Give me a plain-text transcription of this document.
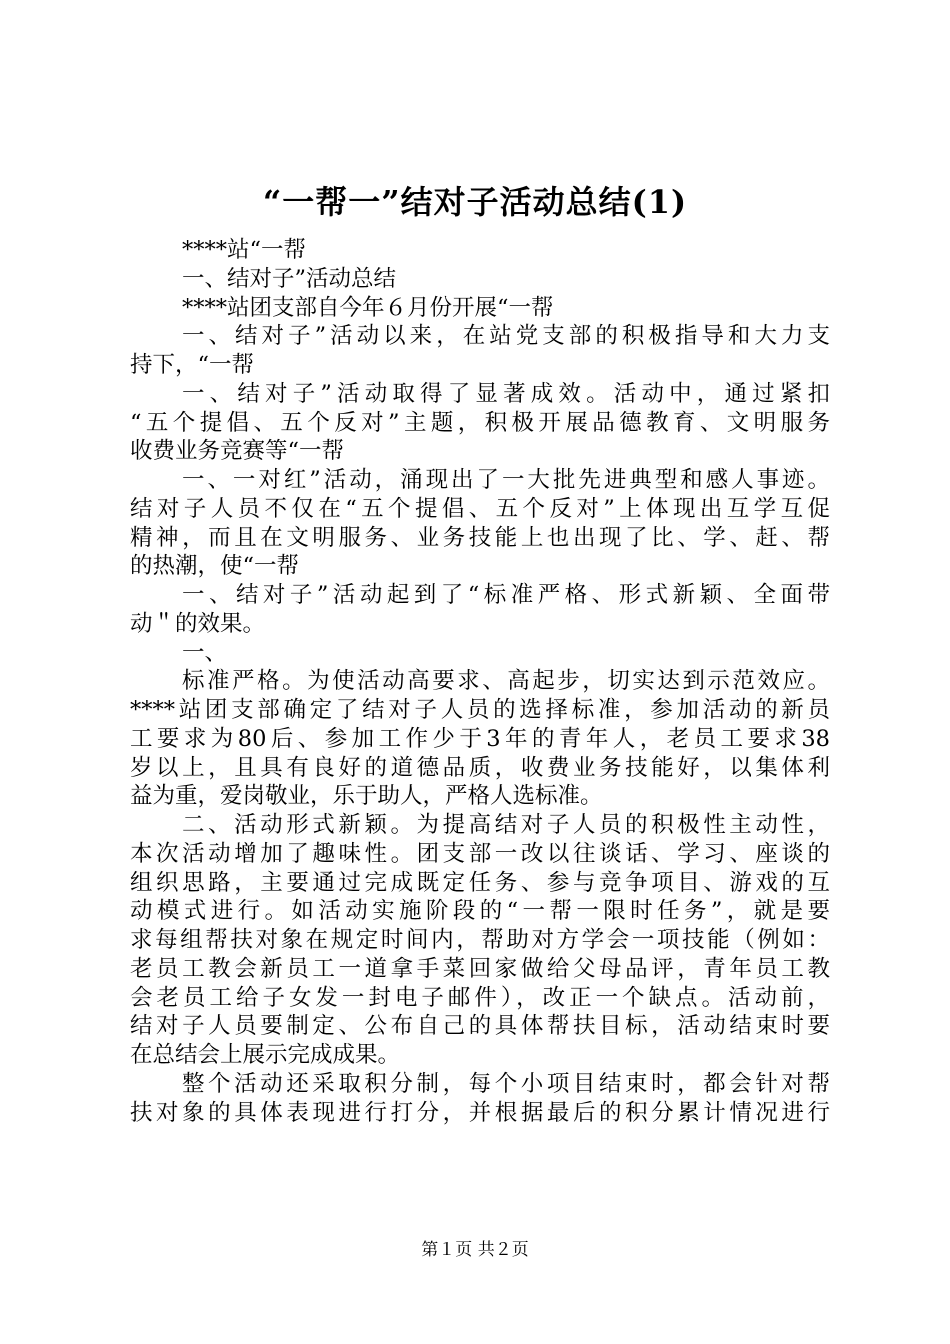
“一帮一”结对子活动总结(1)
****站“一帮
一、结对子”活动总结
****站团支部自今年６月份开展“一帮
一、结对子”活动以来，在站党支部的积极指导和大力支
持下，“一帮
一、结对子”活动取得了显著成效。活动中，通过紧扣
“五个提倡、五个反对”主题，积极开展品德教育、文明服务
收费业务竞赛等“一帮
一、一对红”活动，涌现出了一大批先进典型和感人事迹。
结对子人员不仅在“五个提倡、五个反对”上体现出互学互促
精神，而且在文明服务、业务技能上也出现了比、学、赶、帮
的热潮，使“一帮
一、结对子”活动起到了“标准严格、形式新颖、全面带
动＂的效果。
一、
标准严格。为使活动高要求、高起步，切实达到示范效应。
****站团支部确定了结对子人员的选择标准，参加活动的新员
工要求为80后、参加工作少于3年的青年人，老员工要求38
岁以上，且具有良好的道德品质，收费业务技能好，以集体利
益为重，爱岗敬业，乐于助人，严格人选标准。
二、活动形式新颖。为提高结对子人员的积极性主动性，
本次活动增加了趣味性。团支部一改以往谈话、学习、座谈的
组织思路，主要通过完成既定任务、参与竞争项目、游戏的互
动模式进行。如活动实施阶段的“一帮一限时任务”，就是要
求每组帮扶对象在规定时间内，帮助对方学会一项技能（例如：
老员工教会新员工一道拿手菜回家做给父母品评，青年员工教
会老员工给子女发一封电子邮件），改正一个缺点。活动前，
结对子人员要制定、公布自己的具体帮扶目标，活动结束时要
在总结会上展示完成成果。
整个活动还采取积分制，每个小项目结束时，都会针对帮
扶对象的具体表现进行打分，并根据最后的积分累计情况进行
第１页 共２页
